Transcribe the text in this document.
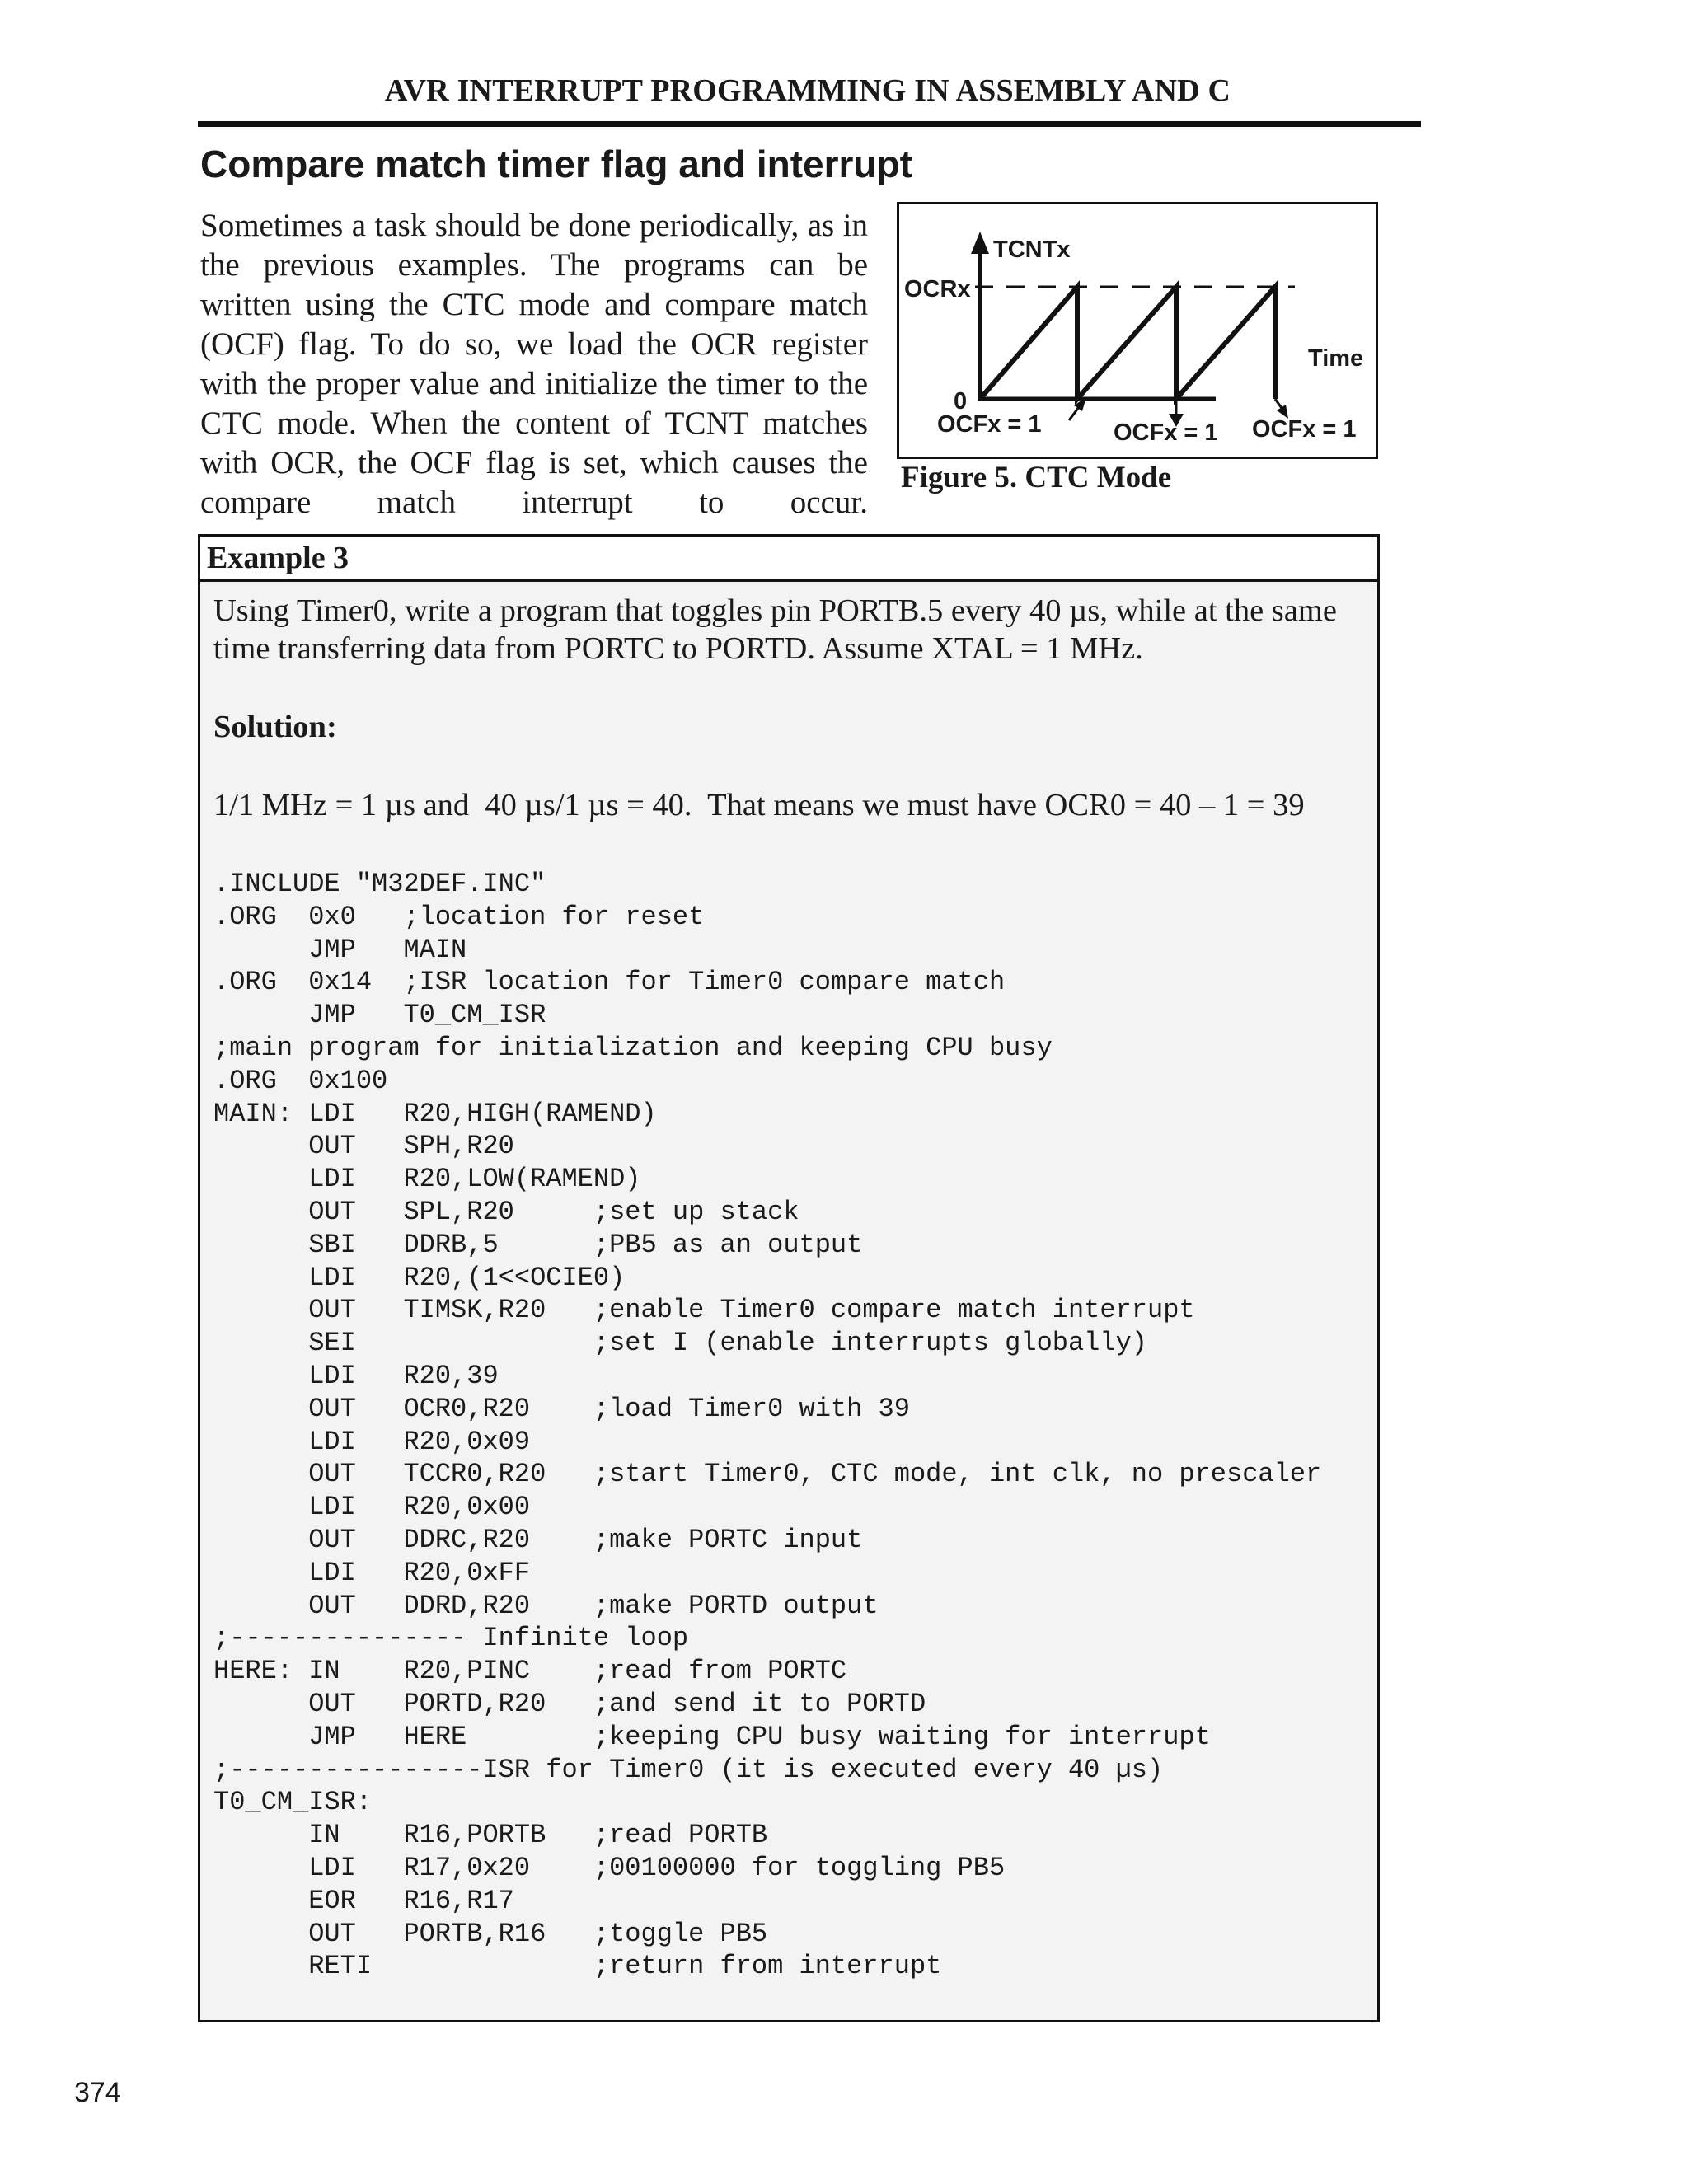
AVR INTERRUPT PROGRAMMING IN ASSEMBLY AND C
Compare match timer flag and interrupt

Sometimes a task should be done periodically, as in the previous examples. The programs can be written using the CTC mode and compare match (OCF) flag. To do so, we load the OCR register with the proper value and initialize the timer to the CTC mode. When the content of TCNT matches with OCR, the OCF flag is set, which causes the compare match interrupt to occur.

TCNTx
OCRx
0
Time
OCFx = 1	OCFx = 1 OCFx = 1
Figure 5. CTC Mode
Example 3

Using Timer0, write a program that toggles pin PORTB.5 every 40 µs, while at the same
time transferring data from PORTC to PORTD. Assume XTAL = 1 MHz.

Solution:
1/1 MHz = 1 µs and  40 µs/1 µs = 40.  That means we must have OCR0 = 40 – 1 = 39
.INCLUDE "M32DEF.INC"
.ORG  0x0   ;location for reset
JMP   MAIN
.ORG  0x14  ;ISR location for Timer0 compare match
JMP   T0_CM_ISR
;main program for initialization and keeping CPU busy
.ORG  0x100
MAIN: LDI   R20,HIGH(RAMEND)
OUT   SPH,R20
LDI   R20,LOW(RAMEND)
OUT   SPL,R20     ;set up stack
SBI   DDRB,5      ;PB5 as an output
LDI   R20,(1<<OCIE0)
OUT   TIMSK,R20   ;enable Timer0 compare match interrupt
SEI               ;set I (enable interrupts globally)
LDI   R20,39
OUT   OCR0,R20    ;load Timer0 with 39
LDI   R20,0x09
OUT   TCCR0,R20   ;start Timer0, CTC mode, int clk, no prescaler
LDI   R20,0x00
OUT   DDRC,R20    ;make PORTC input
LDI   R20,0xFF
OUT   DDRD,R20    ;make PORTD output
;--------------- Infinite loop
HERE: IN    R20,PINC    ;read from PORTC
OUT   PORTD,R20   ;and send it to PORTD
JMP   HERE        ;keeping CPU busy waiting for interrupt
;----------------ISR for Timer0 (it is executed every 40 µs)
T0_CM_ISR:
IN    R16,PORTB   ;read PORTB
LDI   R17,0x20    ;00100000 for toggling PB5
EOR   R16,R17
OUT   PORTB,R16   ;toggle PB5
RETI              ;return from interrupt
374
